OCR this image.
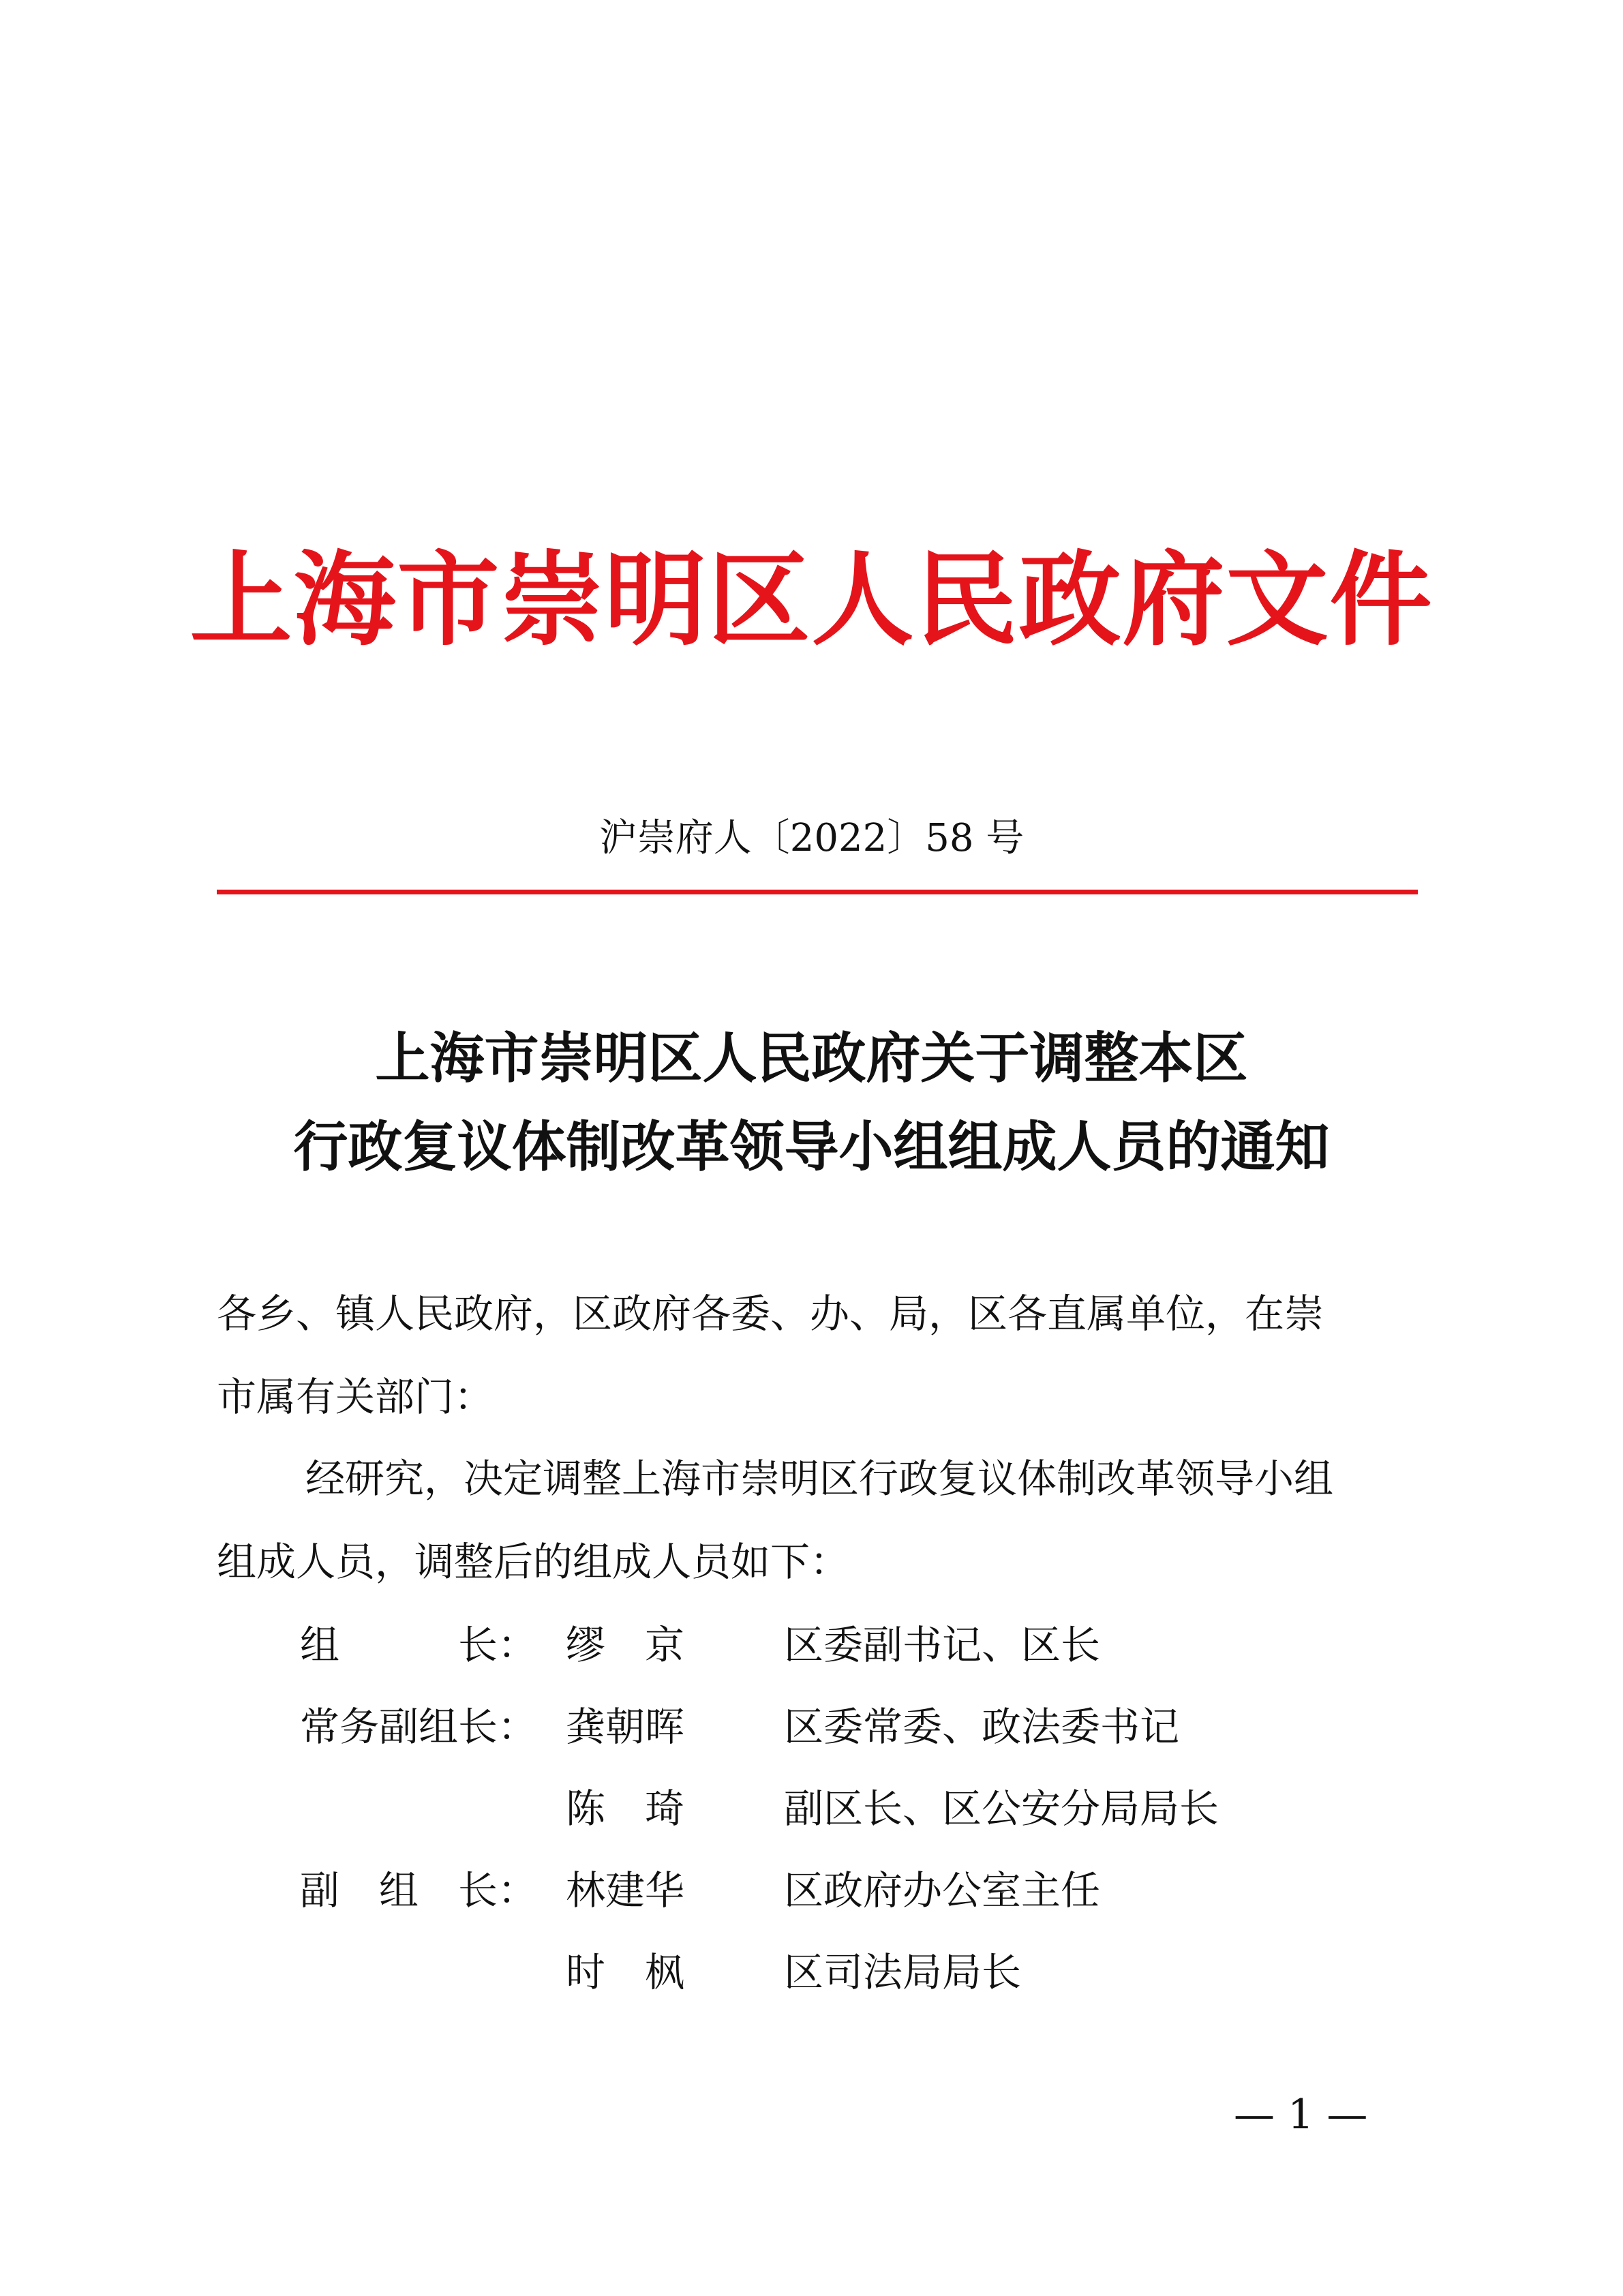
上海市崇明区人民政府文件
沪崇府人〔2022〕58 号
上海市崇明区人民政府关于调整本区
行政复议体制改革领导小组组成人员的通知
各乡、镇人民政府，区政府各委、办、局，区各直属单位，在崇
市属有关部门：
经研究，决定调整上海市崇明区行政复议体制改革领导小组
组成人员，调整后的组成人员如下：
组　　　长： 缪　京	区委副书记、区长
常务副组长： 龚朝晖	区委常委、政法委书记
陈　琦	副区长、区公安分局局长
副　组　长： 林建华	区政府办公室主任
时　枫	区司法局局长
— 1 —
